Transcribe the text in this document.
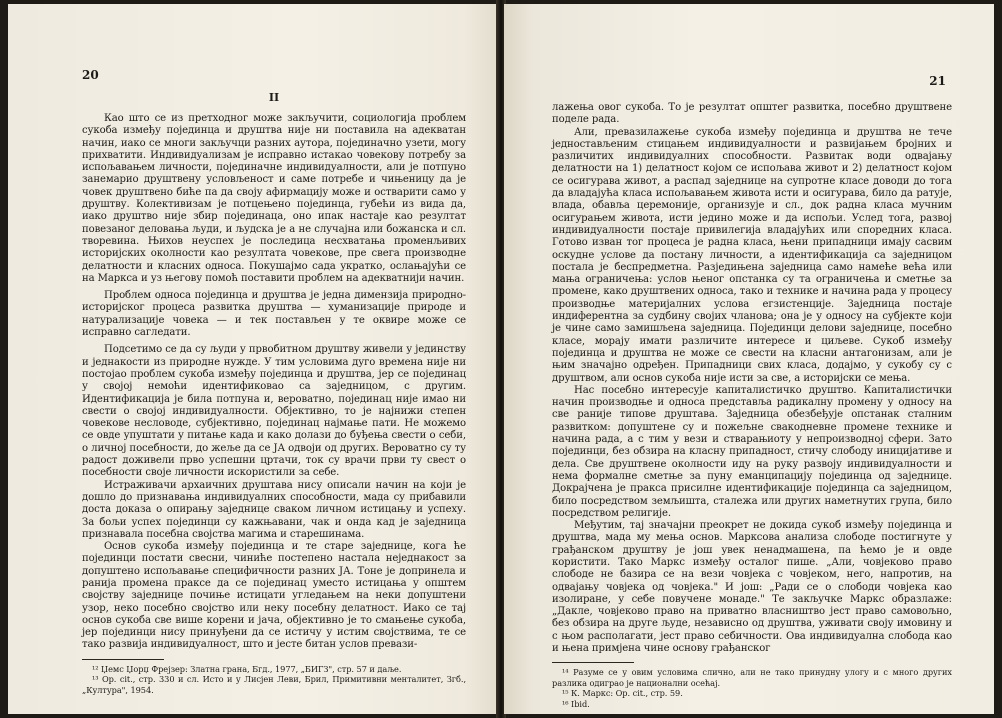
20
II

Као што се из претходног може закључити, социологија проблем сукоба између појединца и друштва није ни поставила на адекватан начин, иако се многи закључци разних аутора, појединачно узети, могу прихватити. Индивидуализам је исправно истакао човекову потребу за испољавањем личности, појединачне индивидуалности, али је потпуно занемарио друштвену условљеност и саме потребе и чињеницу да је човек друштвено биће па да своју афирмацију може и остварити само у друштву. Колективизам је потцењено појединца, губећи из вида да, иако друштво није збир појединаца, оно ипак настаје као резултат повезаног деловања људи, и људска је а не случајна или божанска и сл. творевина. Њихов неуспех је последица несхватања променљивих историјских околности као резултата човекове, пре свега производне делатности и класних односа. Покушајмо сада укратко, ослањајући се на Маркса и уз његову помоћ поставити проблем на адекватнији начин.

Проблем односа појединца и друштва је једна димензија природно-историјског процеса развитка друштва — хуманизације природе и натурализације човека — и тек постављен у те оквире може се исправно сагледати.

Подсетимо се да су људи у првобитном друштву живели у јединству и једнакости из природне нужде. У тим условима дуго времена није ни постојао проблем сукоба између појединца и друштва, јер се појединац у својој немоћи идентификовао са заједницом, с другим. Идентификација је била потпуна и, вероватно, појединац није имао ни свести о својој индивидуалности. Објективно, то је најнижи степен човекове несловоде, субјективно, појединац најмање пати. Не можемо се овде упуштати у питање када и како долази до буђења свести о себи, о личној посебности, до жеље да се ЈА одвоји од других. Вероватно су ту радост доживели прво успешни цртачи, ток су врачи први ту свест о посебности своје личности искористили за себе.

Истраживачи архаичних друштава нису описали начин на који је дошло до признавања индивидуалних способности, мада су прибавили доста доказа о опирању заједнице сваком личном истицању и успеху. За бољи успех појединци су кажњавани, чак и онда кад је заједница признавала посебна својства магима и старешинама.

Основ сукоба између појединца и те старе заједнице, кога ће појединци постати свесни, чиниће постепено настала неједнакост за допуштено испољавање специфичности разних ЈА. Тоне је допринела и ранија промена праксе да се појединац уместо истицања у општем својству заједнице почиње истицати угледањем на неки допуштени узор, неко посебно својство или неку посебну делатност. Иако се тај основ сукоба све више корени и јача, објективно је то смањење сукоба, јер појединци нису принуђени да се истичу у истим својствима, те се тако развија индивидуалност, што и јесте битан услов превази-

¹² Џемс Џорџ Фрејзер: Златна грана, Бгд., 1977, „БИГЗ", стр. 57 и даље.

¹³ Op. cit., стр. 330 и сл. Исто и у Лисјен Леви, Брил, Примитивни менталитет, Згб., „Култура", 1954.

21

лажења овог сукоба. То је резултат општег развитка, посебно друштвене поделе рада.

Али, превазилажење сукоба између појединца и друштва не тече једностављеним стицањем индивидуалности и развијањем бројних и различитих индивидуалних способности. Развитак води одвајању делатности на 1) делатност којом се испољава живот и 2) делатност којом се осигурава живот, а распад заједнице на супротне класе доводи до тога да владајућа класа испољавањем живота исти и осигурава, било да ратује, влада, обавља церемоније, организује и сл., док радна класа мучним осигурањем живота, исти једино може и да испољи. Услед тога, развој индивидуалности постаје привилегија владајућих или споредних класа. Готово изван тог процеса је радна класа, њени припадници имају сасвим оскудне услове да постану личности, а идентификација са заједницом постала је беспредметна. Разједињена заједница само намеће већа или мања ограничења: услов њеног опстанка су та ограничења и сметње за промене, како друштвених односа, тако и технике и начина рада у процесу производње материјалних услова егзистенције. Заједница постаје индиферентна за судбину својих чланова; она је у односу на субјекте који је чине само замишљена заједница. Појединци делови заједнице, посебно класе, морају имати различите интересе и циљеве. Сукоб између појединца и друштва не може се свести на класни антагонизам, али је њим значајно одређен. Припадници свих класа, додајмо, у сукобу су с друштвом, али основ сукоба није исти за све, а историјски се мења.

Нас посебно интересује капиталистичко друштво. Капиталистички начин производње и односа представља радикалну промену у односу на све раније типове друштава. Заједница обезбеђује опстанак сталним развитком: допуштене су и пожељне свакодневне промене технике и начина рада, а с тим у вези и стварањиоту у непроизводној сфери. Зато појединци, без обзира на класну припадност, стичу слободу иницијативе и дела. Све друштвене околности иду на руку развоју индивидуалности и нема формалне сметње за пуну еманципацију појединца од заједнице. Докрајчена је пракса присилне идентификације појединца са заједницом, било посредством земљишта, сталежа или других наметнутих група, било посредством религије.

Међутим, тај значајни преокрет не докида сукоб између појединца и друштва, мада му мења основ. Марксова анализа слободе постигнуте у грађанском друштву је још увек ненадмашена, па ћемо је и овде користити. Тако Маркс између осталог пише. „Али, човјеково право слободе не базира се на вези човјека с човјеком, него, напротив, на одвајању човјека од човјека." И још: „Ради се о слободи човјека као изолиране, у себе повучене монаде." Те закључке Маркс образлаже: „Дакле, човјеково право на приватно власништво јест право самовољно, без обзира на друге људе, независно од друштва, уживати своју имовину и с њом располагати, јест право себичности. Ова индивидуална слобода као и њена примјена чине основу грађанског

¹⁴ Разуме се у овим условима слично, али не тако принудну улогу и с много других разлика одиграо је национални осећај.

¹⁵ К. Маркс: Op. cit., стр. 59.

¹⁶ Ibid.
